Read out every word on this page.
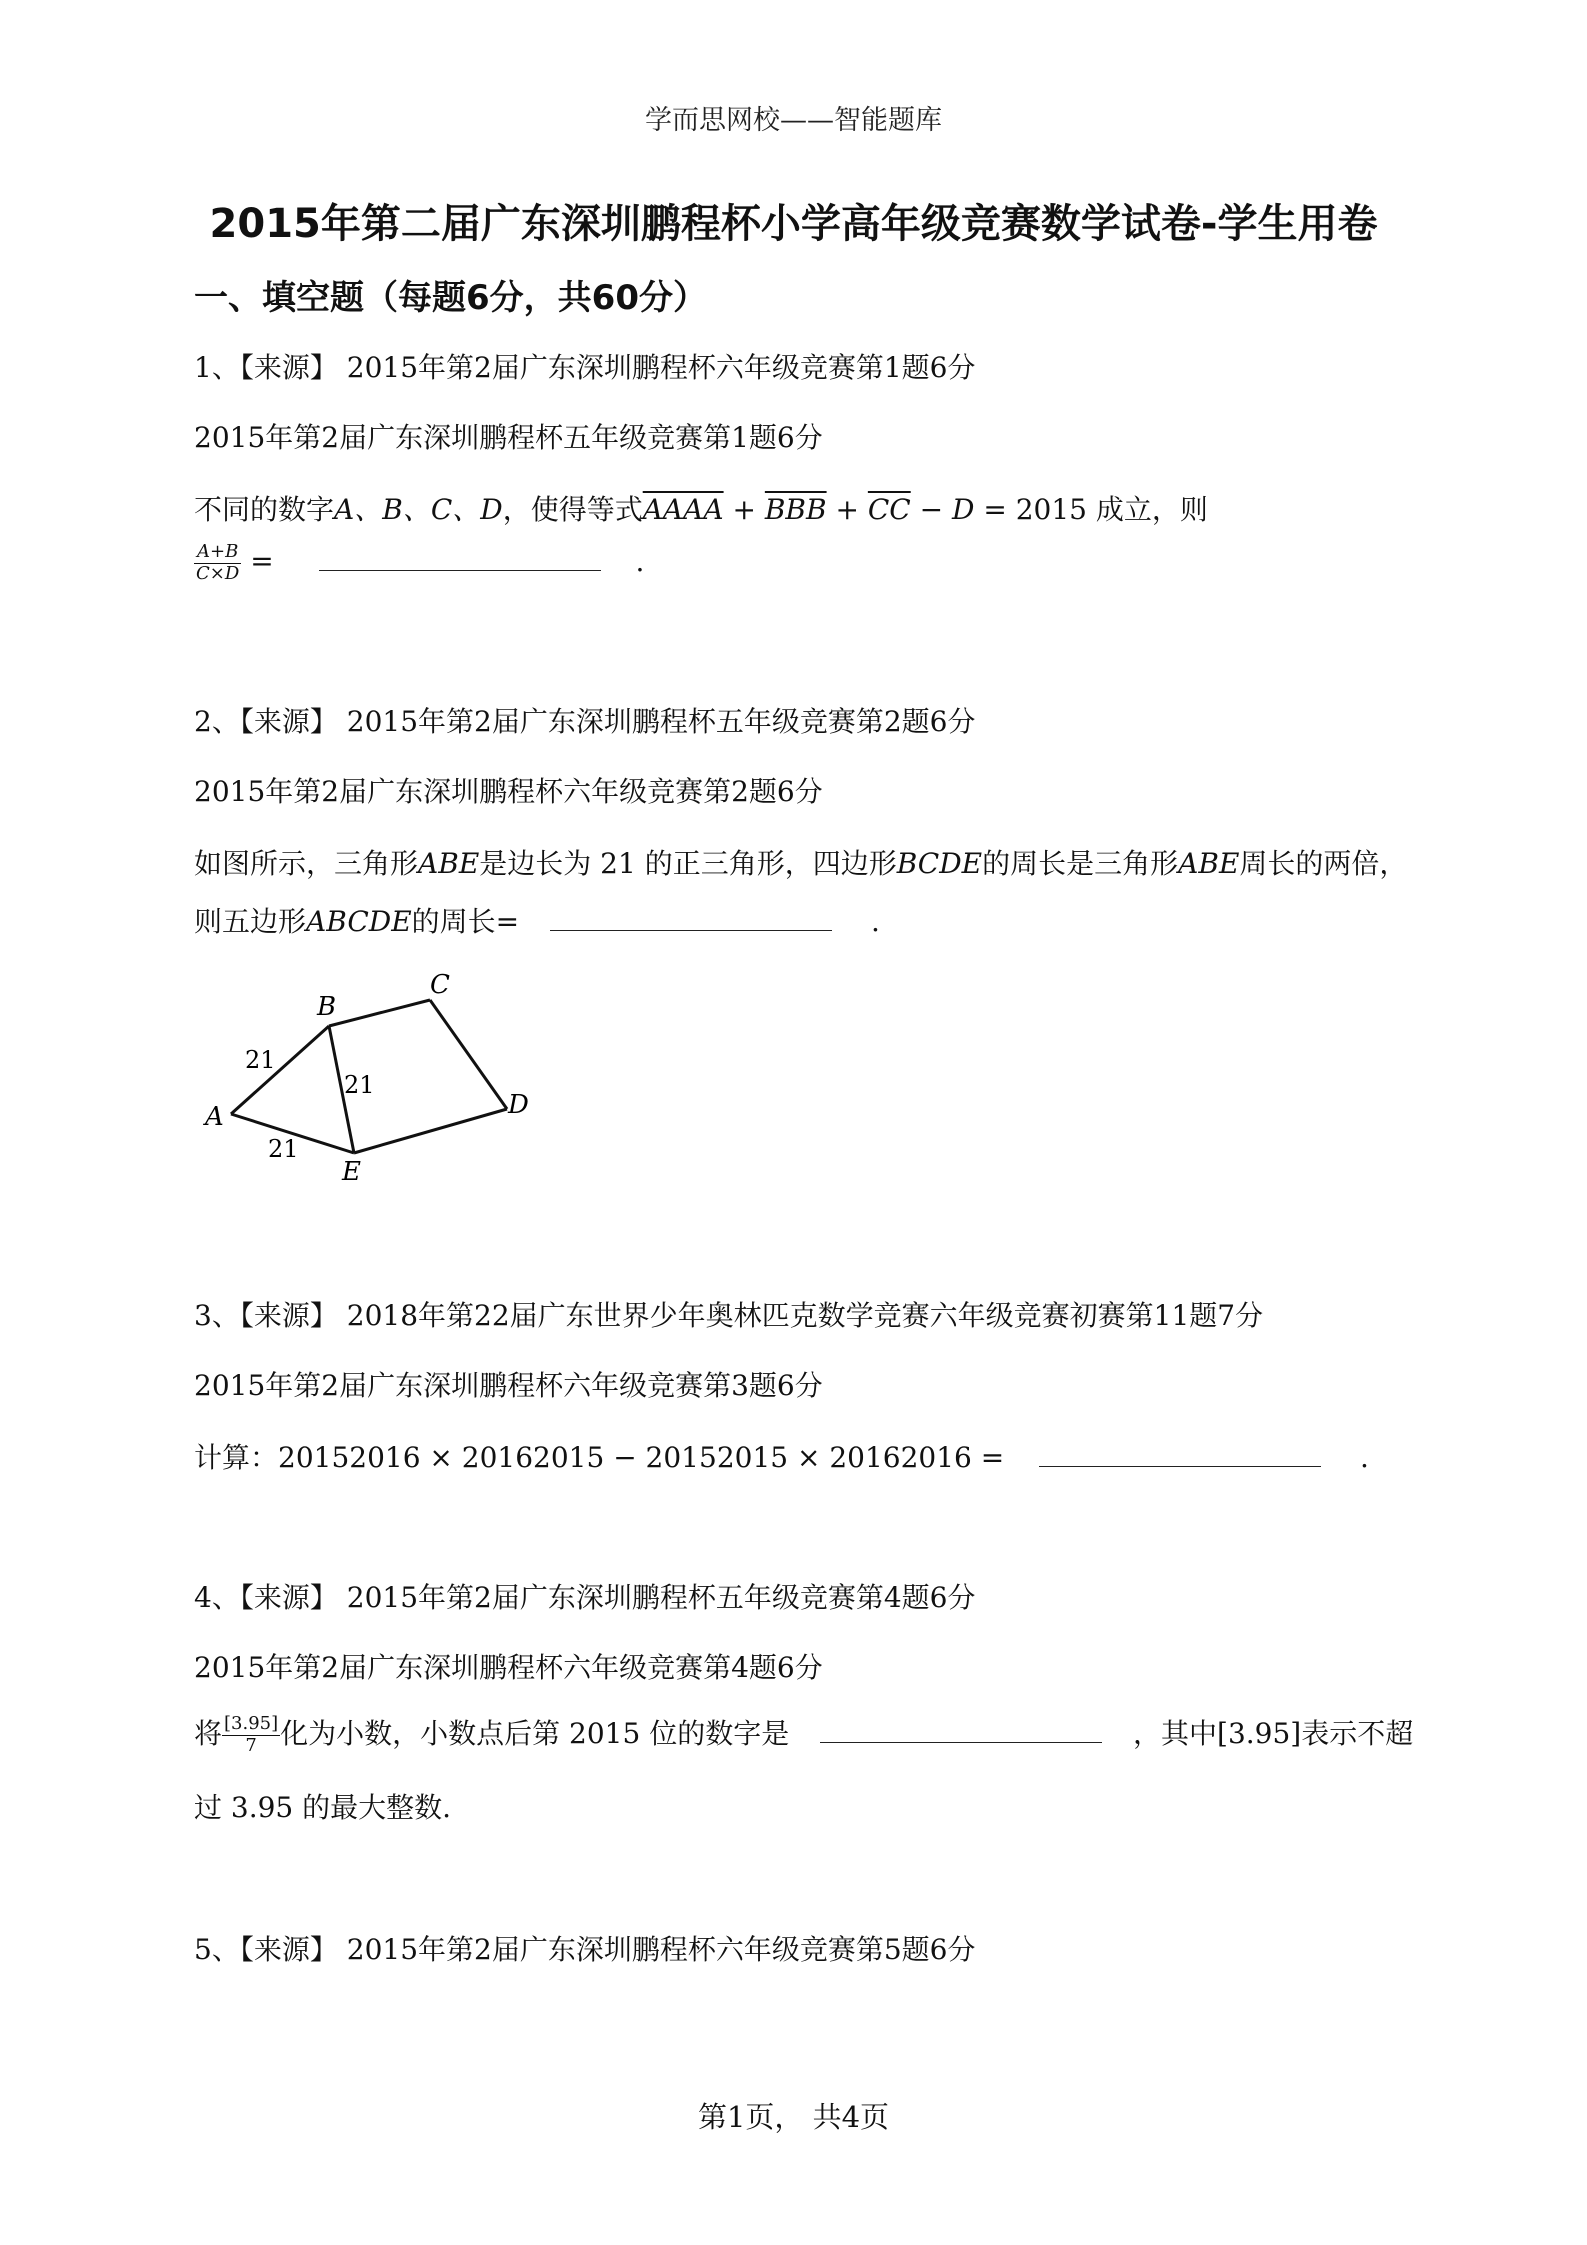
学而思网校——智能题库
2015年第二届广东深圳鹏程杯小学高年级竞赛数学试卷-学生用卷
一、填空题（每题6分，共60分）
1、【来源】 2015年第2届广东深圳鹏程杯六年级竞赛第1题6分
2015年第2届广东深圳鹏程杯五年级竞赛第1题6分
不同的数字A、B、C、D，使得等式AAAA + $\overline{BBB} + \overline{CC} - D = 2015$ 成立，则
$\frac{A+B}{C\times D}$ =	.
2、【来源】 2015年第2届广东深圳鹏程杯五年级竞赛第2题6分
2015年第2届广东深圳鹏程杯六年级竞赛第2题6分
如图所示，三角形ABE是边长为 21 的正三角形，四边形BCDE的周长是三角形ABE周长的两倍，
则五边形ABCDE的周长=	.
A
B
C
D
E
21
21
21
3、【来源】 2018年第22届广东世界少年奥林匹克数学竞赛六年级竞赛初赛第11题7分
2015年第2届广东深圳鹏程杯六年级竞赛第3题6分
计算：20152016 × 20162015 − 20152015 × 20162016 =	.
4、【来源】 2015年第2届广东深圳鹏程杯五年级竞赛第4题6分
2015年第2届广东深圳鹏程杯六年级竞赛第4题6分
将 $\frac{[3.95]}{7}$ 化为小数，小数点后第 2015 位的数字是	，其中[3.95]表示不超
过 3.95 的最大整数.
5、【来源】 2015年第2届广东深圳鹏程杯六年级竞赛第5题6分
第1页， 共4页
